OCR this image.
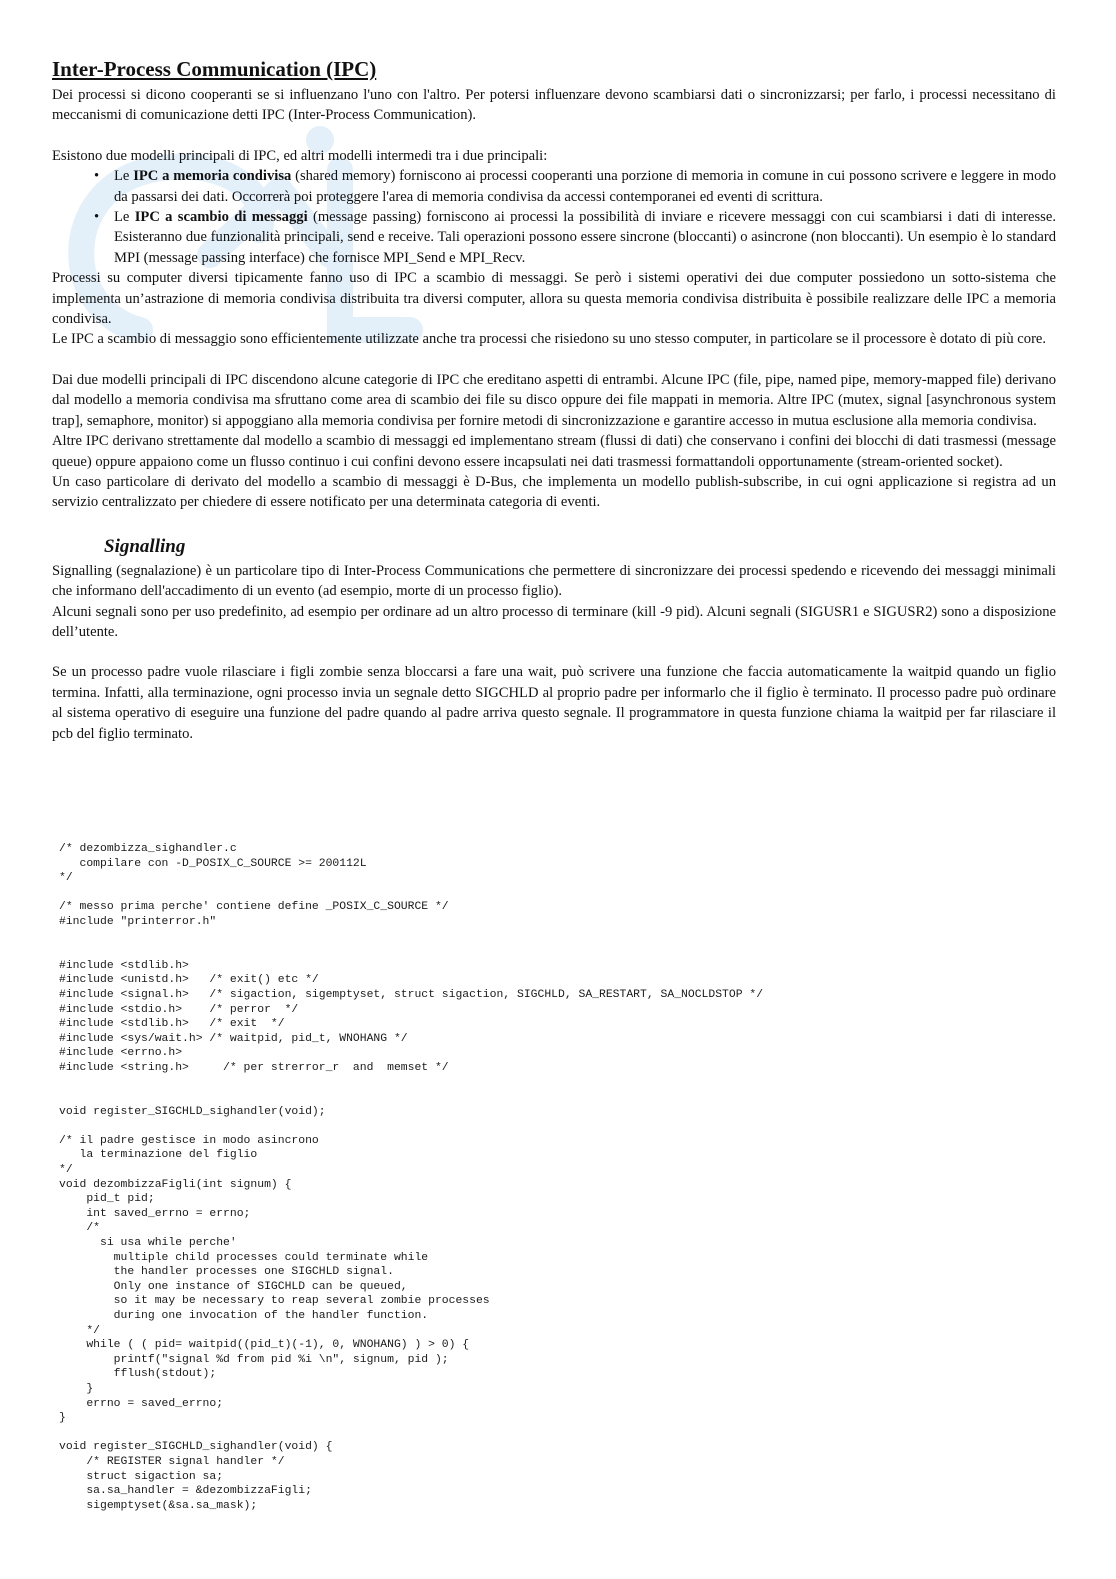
Inter-Process Communication (IPC)

Dei processi si dicono cooperanti se si influenzano l'uno con l'altro. Per potersi influenzare devono scambiarsi dati o sincronizzarsi; per farlo, i processi necessitano di meccanismi di comunicazione detti IPC (Inter-Process Communication).

Esistono due modelli principali di IPC, ed altri modelli intermedi tra i due principali:

• Le IPC a memoria condivisa (shared memory) forniscono ai processi cooperanti una porzione di memoria in comune in cui possono scrivere e leggere in modo da passarsi dei dati. Occorrerà poi proteggere l'area di memoria condivisa da accessi contemporanei ed eventi di scrittura.
• Le IPC a scambio di messaggi (message passing) forniscono ai processi la possibilità di inviare e ricevere messaggi con cui scambiarsi i dati di interesse. Esisteranno due funzionalità principali, send e receive. Tali operazioni possono essere sincrone (bloccanti) o asincrone (non bloccanti). Un esempio è lo standard MPI (message passing interface) che fornisce MPI_Send e MPI_Recv.

Processi su computer diversi tipicamente fanno uso di IPC a scambio di messaggi. Se però i sistemi operativi dei due computer possiedono un sotto-sistema che implementa un’astrazione di memoria condivisa distribuita tra diversi computer, allora su questa memoria condivisa distribuita è possibile realizzare delle IPC a memoria condivisa.

Le IPC a scambio di messaggio sono efficientemente utilizzate anche tra processi che risiedono su uno stesso computer, in particolare se il processore è dotato di più core.

Dai due modelli principali di IPC discendono alcune categorie di IPC che ereditano aspetti di entrambi. Alcune IPC (file, pipe, named pipe, memory-mapped file) derivano dal modello a memoria condivisa ma sfruttano come area di scambio dei file su disco oppure dei file mappati in memoria. Altre IPC (mutex, signal [asynchronous system trap], semaphore, monitor) si appoggiano alla memoria condivisa per fornire metodi di sincronizzazione e garantire accesso in mutua esclusione alla memoria condivisa.

Altre IPC derivano strettamente dal modello a scambio di messaggi ed implementano stream (flussi di dati) che conservano i confini dei blocchi di dati trasmessi (message queue) oppure appaiono come un flusso continuo i cui confini devono essere incapsulati nei dati trasmessi formattandoli opportunamente (stream-oriented socket).

Un caso particolare di derivato del modello a scambio di messaggi è D-Bus, che implementa un modello publish-subscribe, in cui ogni applicazione si registra ad un servizio centralizzato per chiedere di essere notificato per una determinata categoria di eventi.

Signalling

Signalling (segnalazione) è un particolare tipo di Inter-Process Communications che permettere di sincronizzare dei processi spedendo e ricevendo dei messaggi minimali che informano dell'accadimento di un evento (ad esempio, morte di un processo figlio).

Alcuni segnali sono per uso predefinito, ad esempio per ordinare ad un altro processo di terminare (kill -9 pid). Alcuni segnali (SIGUSR1 e SIGUSR2) sono a disposizione dell’utente.

Se un processo padre vuole rilasciare i figli zombie senza bloccarsi a fare una wait, può scrivere una funzione che faccia automaticamente la waitpid quando un figlio termina. Infatti, alla terminazione, ogni processo invia un segnale detto SIGCHLD al proprio padre per informarlo che il figlio è terminato. Il processo padre può ordinare al sistema operativo di eseguire una funzione del padre quando al padre arriva questo segnale. Il programmatore in questa funzione chiama la waitpid per far rilasciare il pcb del figlio terminato.

/* dezombizza_sighandler.c
compilare con -D_POSIX_C_SOURCE >= 200112L
*/

/* messo prima perche' contiene define _POSIX_C_SOURCE */
#include "printerror.h"

#include <stdlib.h>
#include <unistd.h>   /* exit() etc */
#include <signal.h>   /* sigaction, sigemptyset, struct sigaction, SIGCHLD, SA_RESTART, SA_NOCLDSTOP */
#include <stdio.h>    /* perror  */
#include <stdlib.h>   /* exit  */
#include <sys/wait.h> /* waitpid, pid_t, WNOHANG */
#include <errno.h>
#include <string.h>     /* per strerror_r  and  memset */

void register_SIGCHLD_sighandler(void);

/* il padre gestisce in modo asincrono
la terminazione del figlio
*/
void dezombizzaFigli(int signum) {
pid_t pid;
int saved_errno = errno;
/*
si usa while perche'
multiple child processes could terminate while
the handler processes one SIGCHLD signal.
Only one instance of SIGCHLD can be queued,
so it may be necessary to reap several zombie processes
during one invocation of the handler function.
*/
while ( ( pid= waitpid((pid_t)(-1), 0, WNOHANG) ) > 0) {
printf("signal %d from pid %i \n", signum, pid );
fflush(stdout);
}
errno = saved_errno;
}

void register_SIGCHLD_sighandler(void) {
/* REGISTER signal handler */
struct sigaction sa;
sa.sa_handler = &dezombizzaFigli;
sigemptyset(&sa.sa_mask);
